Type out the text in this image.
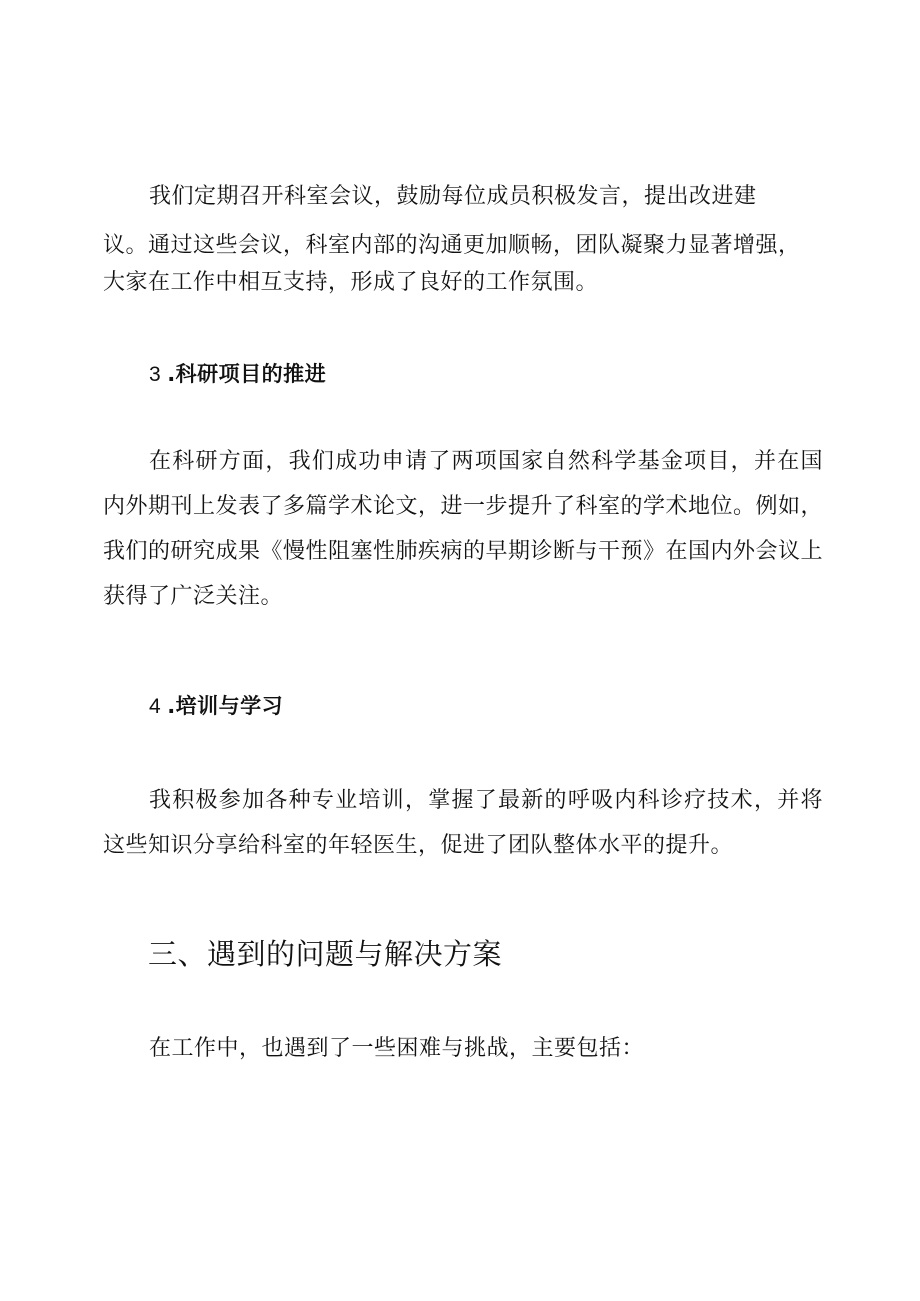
我们定期召开科室会议，鼓励每位成员积极发言，提出改进建
议。通过这些会议，科室内部的沟通更加顺畅，团队凝聚力显著增强，
大家在工作中相互支持，形成了良好的工作氛围。

3 .科研项目的推进

在科研方面，我们成功申请了两项国家自然科学基金项目，并在国内外期刊上发表了多篇学术论文，进一步提升了科室的学术地位。例如，我们的研究成果《慢性阻塞性肺疾病的早期诊断与干预》在国内外会议上获得了广泛关注。

4 .培训与学习

我积极参加各种专业培训，掌握了最新的呼吸内科诊疗技术，并将这些知识分享给科室的年轻医生，促进了团队整体水平的提升。

三、遇到的问题与解决方案

在工作中，也遇到了一些困难与挑战，主要包括：
